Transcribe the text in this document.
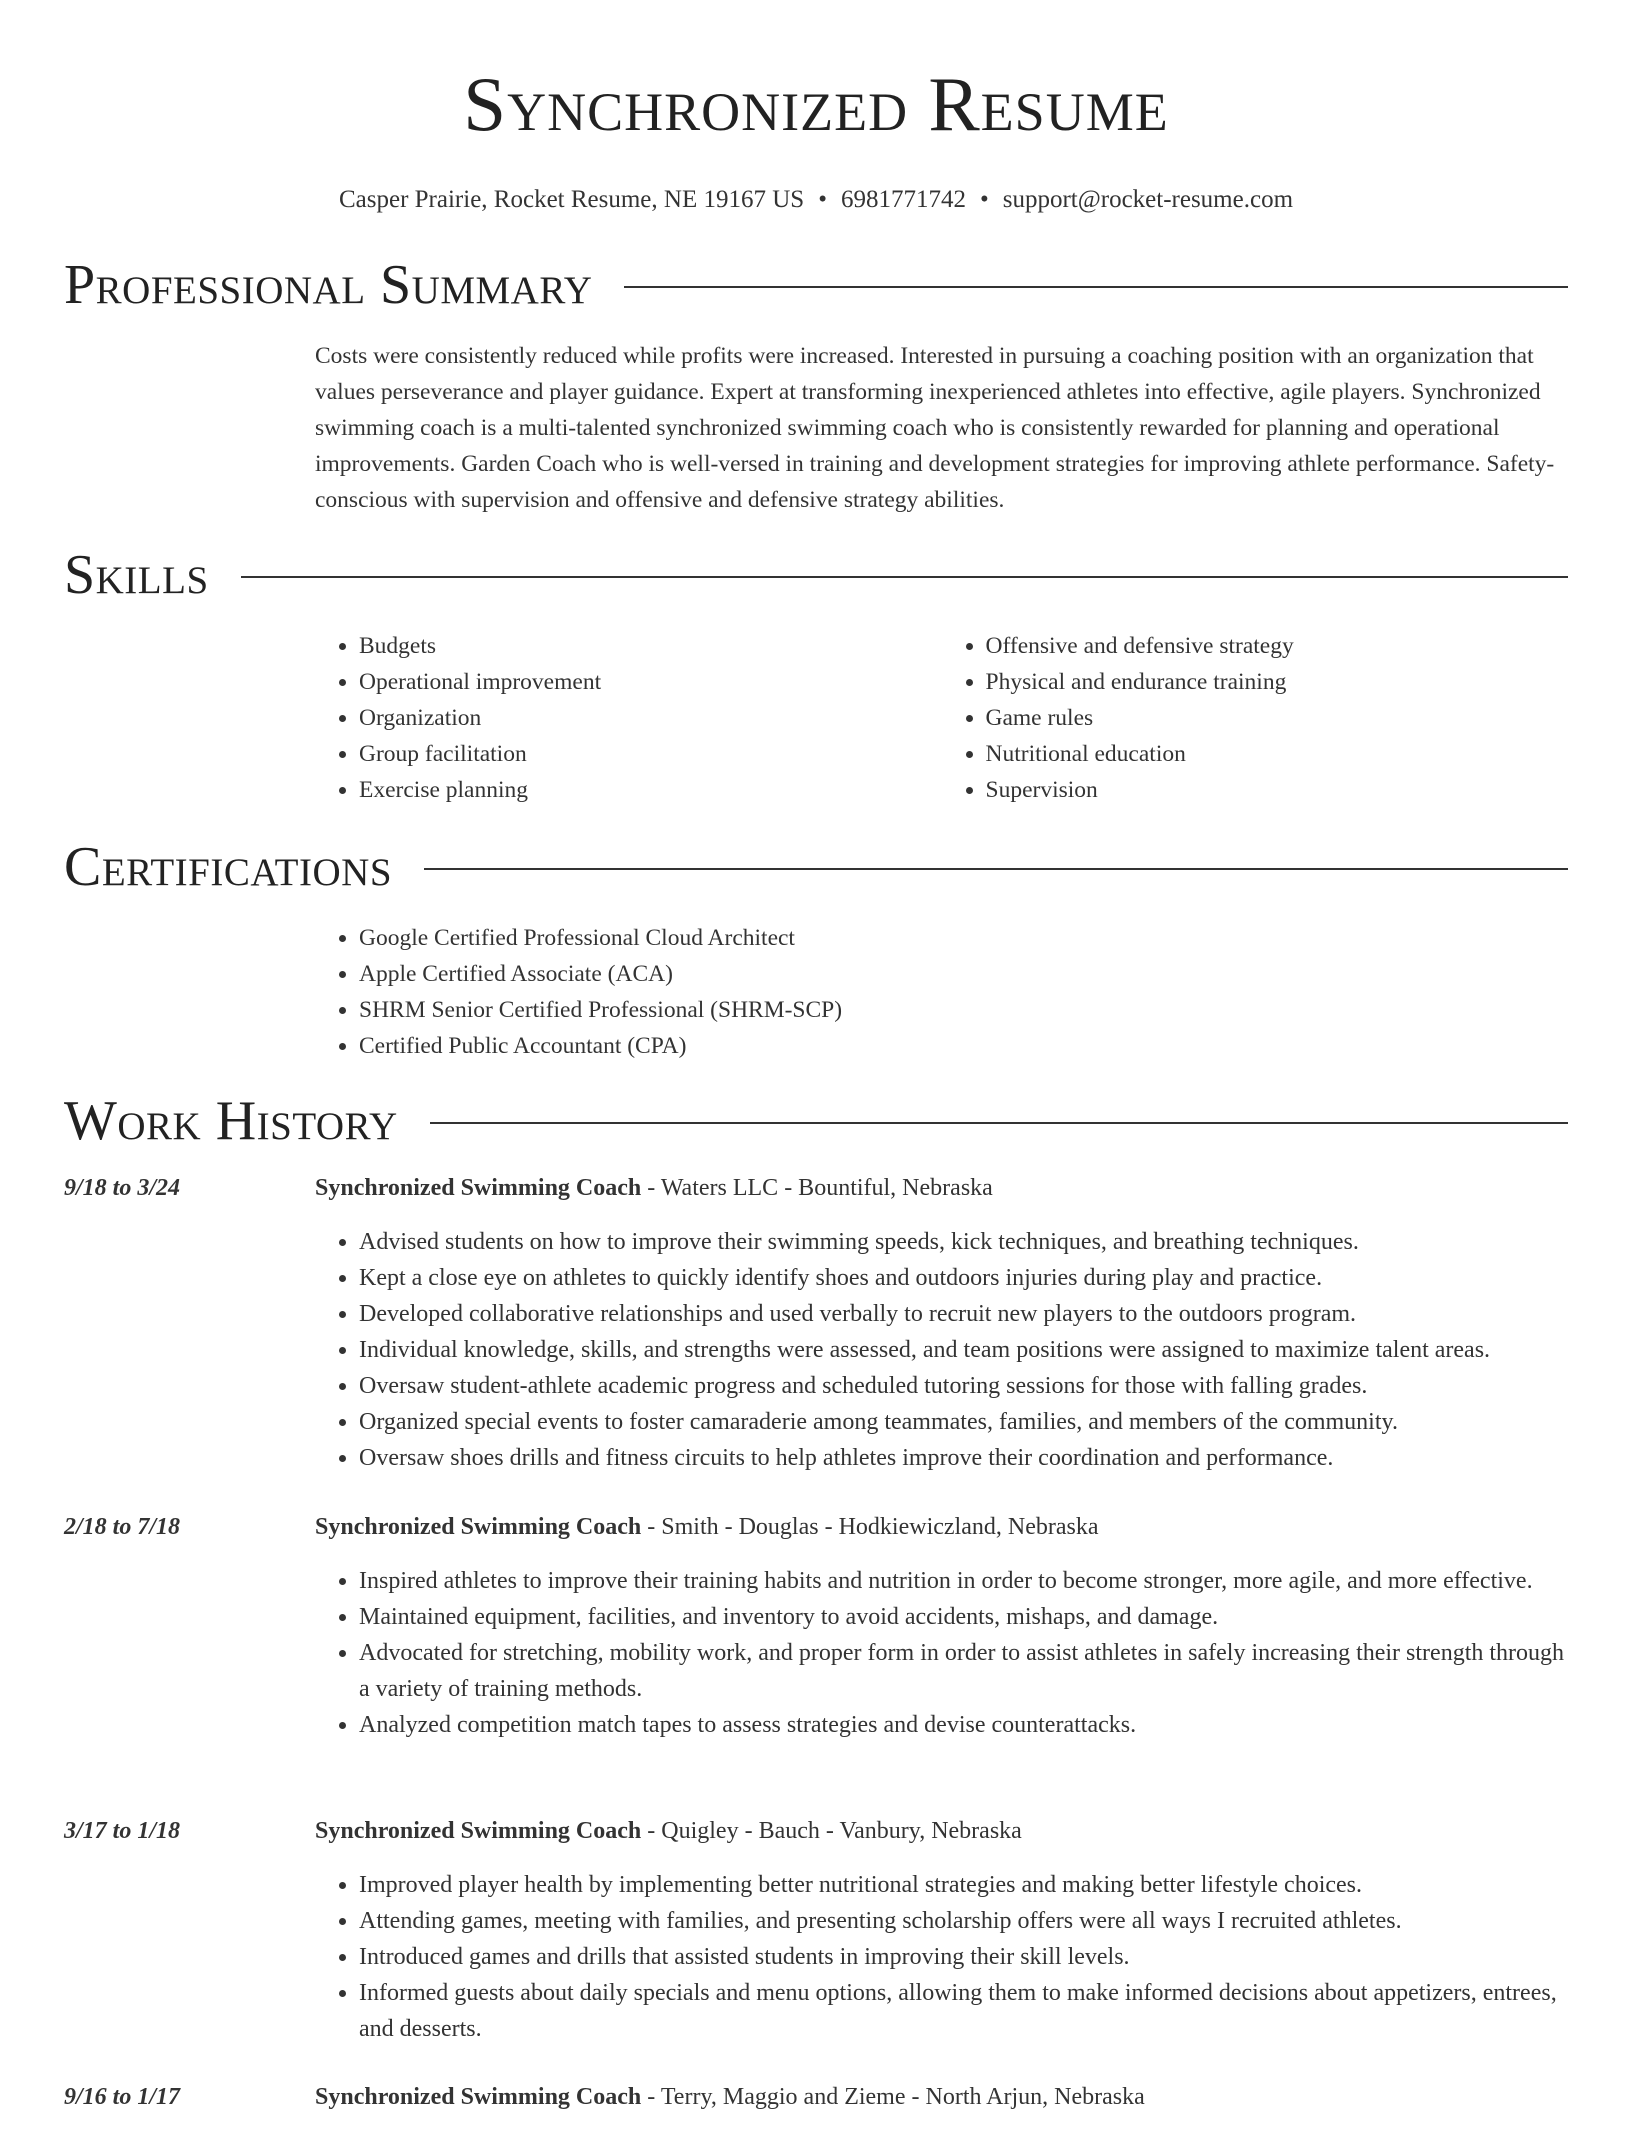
Synchronized Resume
Casper Prairie, Rocket Resume, NE 19167 US • 6981771742 • support@rocket-resume.com
Professional Summary
Costs were consistently reduced while profits were increased. Interested in pursuing a coaching position with an organization that values perseverance and player guidance. Expert at transforming inexperienced athletes into effective, agile players. Synchronized swimming coach is a multi-talented synchronized swimming coach who is consistently rewarded for planning and operational improvements. Garden Coach who is well-versed in training and development strategies for improving athlete performance. Safety-conscious with supervision and offensive and defensive strategy abilities.
Skills
• Budgets
• Operational improvement
• Organization
• Group facilitation
• Exercise planning
• Offensive and defensive strategy
• Physical and endurance training
• Game rules
• Nutritional education
• Supervision
Certifications
• Google Certified Professional Cloud Architect
• Apple Certified Associate (ACA)
• SHRM Senior Certified Professional (SHRM-SCP)
• Certified Public Accountant (CPA)
Work History
9/18 to 3/24	Synchronized Swimming Coach - Waters LLC - Bountiful, Nebraska
• Advised students on how to improve their swimming speeds, kick techniques, and breathing techniques.
• Kept a close eye on athletes to quickly identify shoes and outdoors injuries during play and practice.
• Developed collaborative relationships and used verbally to recruit new players to the outdoors program.
• Individual knowledge, skills, and strengths were assessed, and team positions were assigned to maximize talent areas.
• Oversaw student-athlete academic progress and scheduled tutoring sessions for those with falling grades.
• Organized special events to foster camaraderie among teammates, families, and members of the community.
• Oversaw shoes drills and fitness circuits to help athletes improve their coordination and performance.
2/18 to 7/18	Synchronized Swimming Coach - Smith - Douglas - Hodkiewiczland, Nebraska
• Inspired athletes to improve their training habits and nutrition in order to become stronger, more agile, and more effective.
• Maintained equipment, facilities, and inventory to avoid accidents, mishaps, and damage.
• Advocated for stretching, mobility work, and proper form in order to assist athletes in safely increasing their strength through a variety of training methods.
• Analyzed competition match tapes to assess strategies and devise counterattacks.
3/17 to 1/18	Synchronized Swimming Coach - Quigley - Bauch - Vanbury, Nebraska
• Improved player health by implementing better nutritional strategies and making better lifestyle choices.
• Attending games, meeting with families, and presenting scholarship offers were all ways I recruited athletes.
• Introduced games and drills that assisted students in improving their skill levels.
• Informed guests about daily specials and menu options, allowing them to make informed decisions about appetizers, entrees, and desserts.
9/16 to 1/17	Synchronized Swimming Coach - Terry, Maggio and Zieme - North Arjun, Nebraska
